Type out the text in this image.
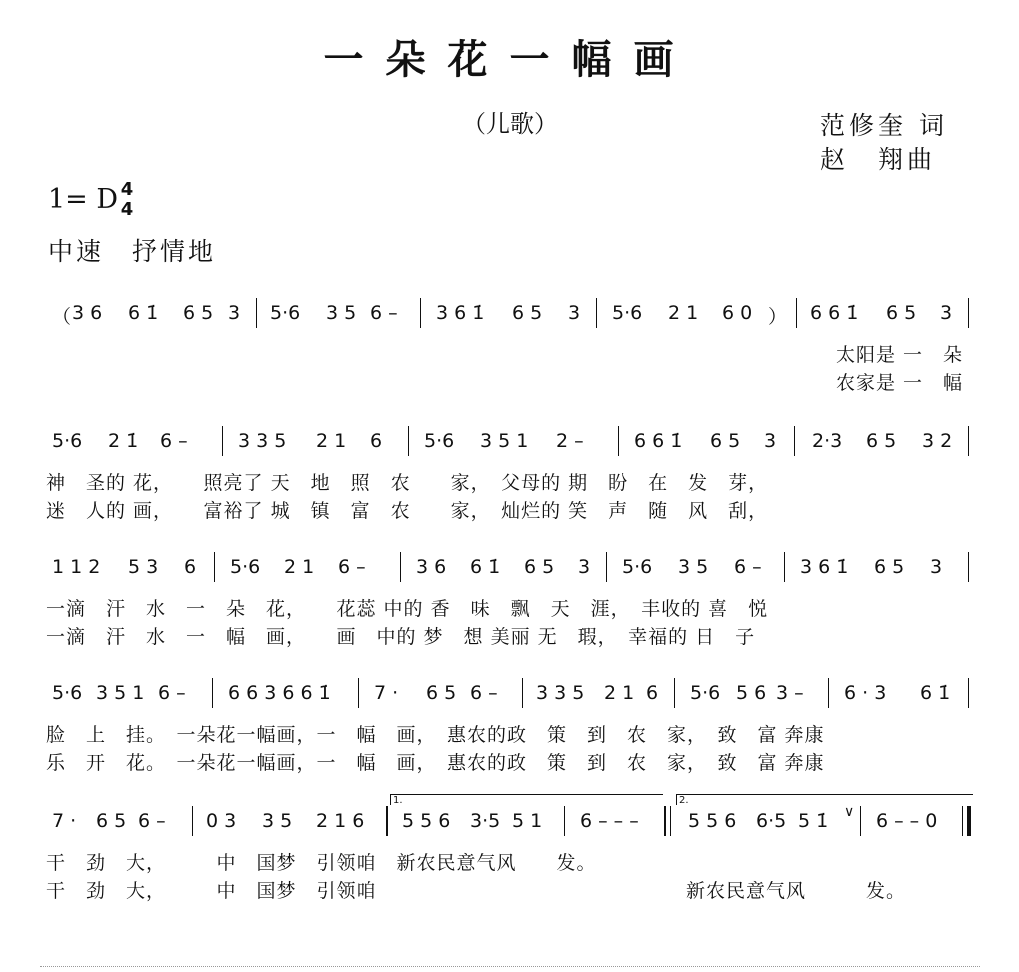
一朵花一幅画
（儿歌）	范修奎 词
赵　翔曲
1= D 4
4
中速　抒情地
（ 3 6 6 1̇ 6 5 3 5·6 3 5 6 – 3 6 1̇ 6 5 3 5·6 2 1 6 0 ） 6 6 1̇ 6 5 3
太阳是 一　朵
农家是 一　幅
5·6 2 1̇ 6 –	3 3 5 2 1 6 5·6 3 5 1 2 –	6 6 1̇ 6 5 3 2·3 6 5 3 2
神　圣的 花，　　照亮了 天　地　照　农　　家，　父母的 期　盼　在　发　芽，
迷　人的 画，　　富裕了 城　镇　富　农　　家，　灿烂的 笑　声　随　风　刮，
1 1 2 5 3 6 5·6 2 1 6 –	3 6 6 1̇ 6 5 3 5·6 3 5 6 – 3 6 1̇ 6 5 3
一滴　汗　水　一　朵　花，　　花蕊 中的 香　味　飘　天　涯，　丰收的 喜　悦
一滴　汗　水　一　幅　画，　　画　中的 梦　想 美丽 无　瑕，　幸福的 日　子
5·6 3 5 1 6 – 6 6 3 6 6 1̇ 7 · 6 5 6 – 3 3 5 2 1 6 5·6 5 6 3 – 6 · 3 6 1̇
脸　上　挂。　一朵花一幅画，一　幅　画，　惠农的政　策　到　农　家，　致　富 奔康
乐　开　花。　一朵花一幅画，一　幅　画，　惠农的政　策　到　农　家，　致　富 奔康
7 · 6 5 6 – 0 3 3 5 2 1 6
1.
5 5 6 3·5 5 1 6 – – –
2.
5 5 6 6·5 5 1̇ ∨ 6 – – 0
干　劲　大，　　　中　国梦　引领咱　新农民意气风　　发。
干　劲　大，　　　中　国梦　引领咱	新农民意气风　　　发。
